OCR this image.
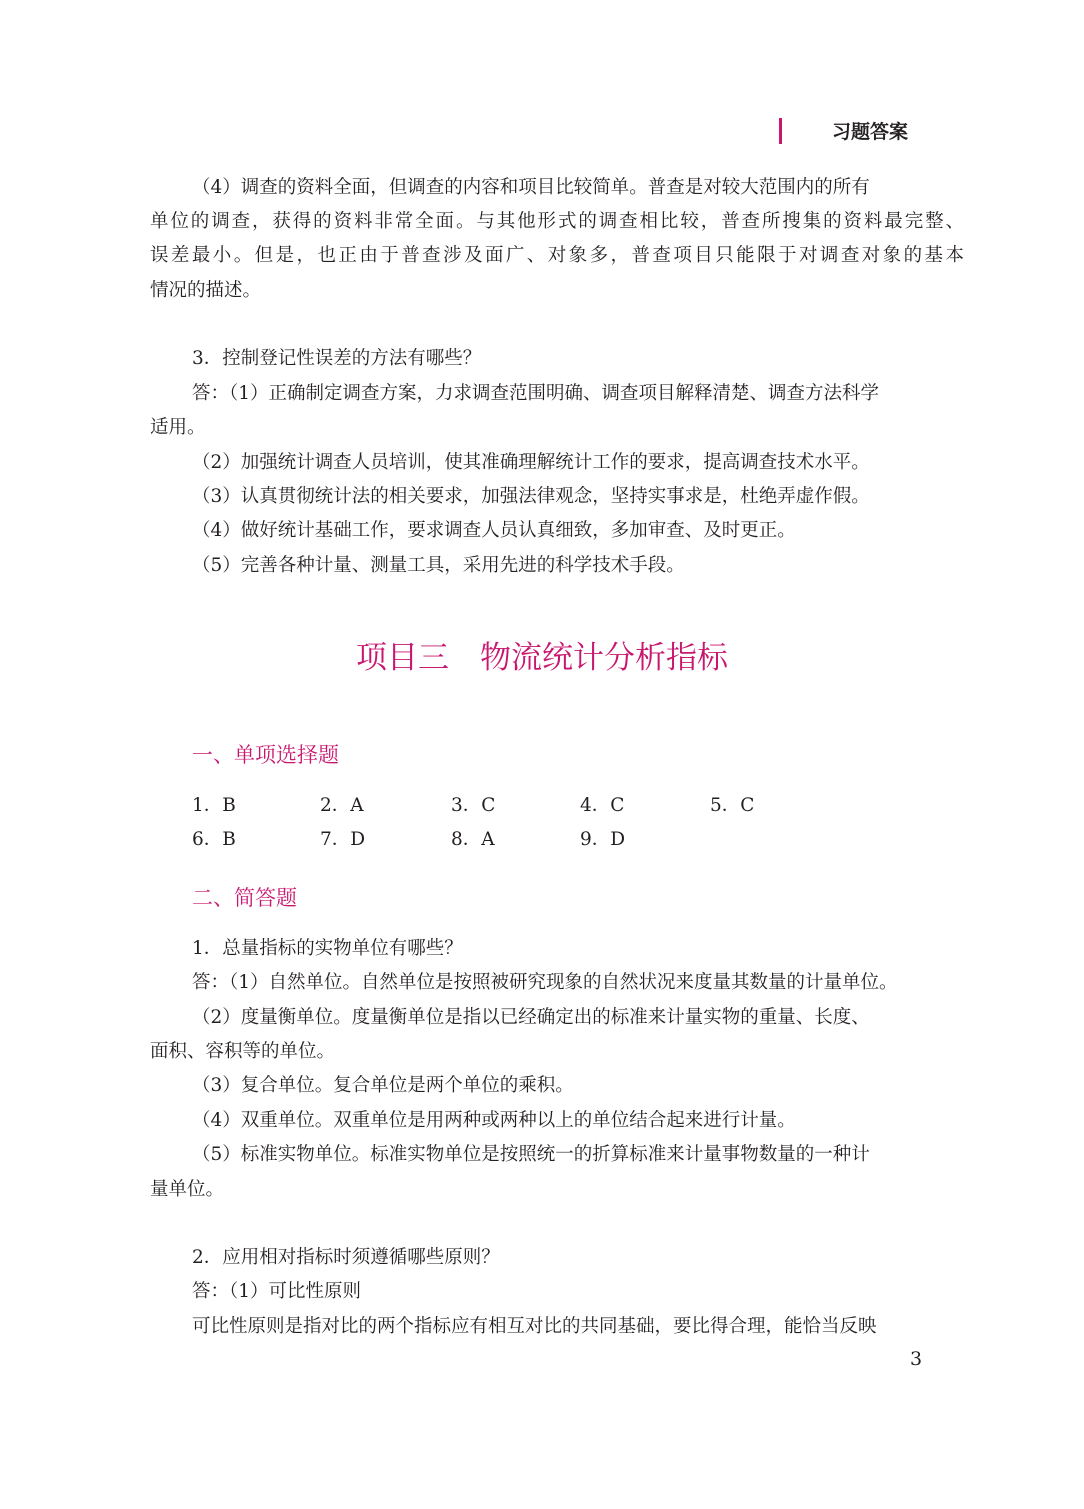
习题答案
（4）调查的资料全面，但调查的内容和项目比较简单。普查是对较大范围内的所有
单位的调查，获得的资料非常全面。与其他形式的调查相比较，普查所搜集的资料最完整、
误差最小。但是，也正由于普查涉及面广、对象多，普查项目只能限于对调查对象的基本
情况的描述。
3．控制登记性误差的方法有哪些？
答：（1）正确制定调查方案，力求调查范围明确、调查项目解释清楚、调查方法科学
适用。
（2）加强统计调查人员培训，使其准确理解统计工作的要求，提高调查技术水平。
（3）认真贯彻统计法的相关要求，加强法律观念，坚持实事求是，杜绝弄虚作假。
（4）做好统计基础工作，要求调查人员认真细致，多加审查、及时更正。
（5）完善各种计量、测量工具，采用先进的科学技术手段。
项目三　物流统计分析指标
一、单项选择题
1．B	2．A	3．C	4．C	5．C
6．B	7．D	8．A	9．D
二、简答题
1．总量指标的实物单位有哪些？
答：（1）自然单位。自然单位是按照被研究现象的自然状况来度量其数量的计量单位。
（2）度量衡单位。度量衡单位是指以已经确定出的标准来计量实物的重量、长度、
面积、容积等的单位。
（3）复合单位。复合单位是两个单位的乘积。
（4）双重单位。双重单位是用两种或两种以上的单位结合起来进行计量。
（5）标准实物单位。标准实物单位是按照统一的折算标准来计量事物数量的一种计
量单位。
2．应用相对指标时须遵循哪些原则？
答：（1）可比性原则
可比性原则是指对比的两个指标应有相互对比的共同基础，要比得合理，能恰当反映
3
